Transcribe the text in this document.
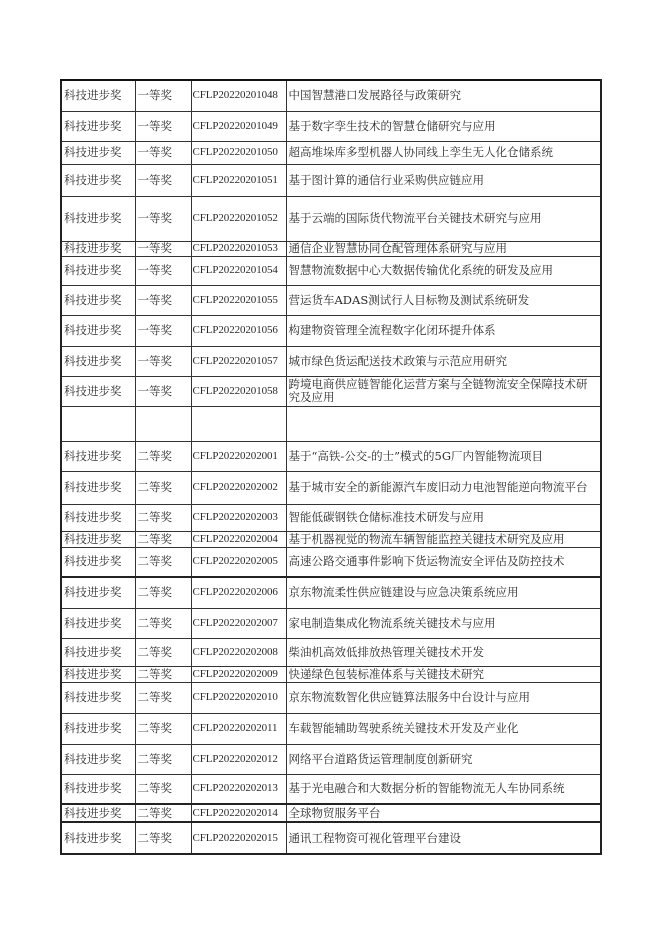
科技进步奖	一等奖	CFLP20220201048	中国智慧港口发展路径与政策研究
科技进步奖	一等奖	CFLP20220201049	基于数字孪生技术的智慧仓储研究与应用
科技进步奖	一等奖	CFLP20220201050	超高堆垛库多型机器人协同线上孪生无人化仓储系统
科技进步奖	一等奖	CFLP20220201051	基于图计算的通信行业采购供应链应用
科技进步奖	一等奖	CFLP20220201052	基于云端的国际货代物流平台关键技术研究与应用
科技进步奖	一等奖	CFLP20220201053	通信企业智慧协同仓配管理体系研究与应用
科技进步奖	一等奖	CFLP20220201054	智慧物流数据中心大数据传输优化系统的研发及应用
科技进步奖	一等奖	CFLP20220201055	营运货车ADAS测试行人目标物及测试系统研发
科技进步奖	一等奖	CFLP20220201056	构建物资管理全流程数字化闭环提升体系
科技进步奖	一等奖	CFLP20220201057	城市绿色货运配送技术政策与示范应用研究
科技进步奖	一等奖	CFLP20220201058	跨境电商供应链智能化运营方案与全链物流安全保障技术研究及应用

科技进步奖	二等奖	CFLP20220202001	基于“高铁-公交-的士”模式的5G厂内智能物流项目
科技进步奖	二等奖	CFLP20220202002	基于城市安全的新能源汽车废旧动力电池智能逆向物流平台
科技进步奖	二等奖	CFLP20220202003	智能低碳钢铁仓储标准技术研发与应用
科技进步奖	二等奖	CFLP20220202004	基于机器视觉的物流车辆智能监控关键技术研究及应用
科技进步奖	二等奖	CFLP20220202005	高速公路交通事件影响下货运物流安全评估及防控技术
科技进步奖	二等奖	CFLP20220202006	京东物流柔性供应链建设与应急决策系统应用
科技进步奖	二等奖	CFLP20220202007	家电制造集成化物流系统关键技术与应用
科技进步奖	二等奖	CFLP20220202008	柴油机高效低排放热管理关键技术开发
科技进步奖	二等奖	CFLP20220202009	快递绿色包装标准体系与关键技术研究
科技进步奖	二等奖	CFLP20220202010	京东物流数智化供应链算法服务中台设计与应用
科技进步奖	二等奖	CFLP20220202011	车载智能辅助驾驶系统关键技术开发及产业化
科技进步奖	二等奖	CFLP20220202012	网络平台道路货运管理制度创新研究
科技进步奖	二等奖	CFLP20220202013	基于光电融合和大数据分析的智能物流无人车协同系统
科技进步奖	二等奖	CFLP20220202014	全球物贸服务平台
科技进步奖	二等奖	CFLP20220202015	通讯工程物资可视化管理平台建设
